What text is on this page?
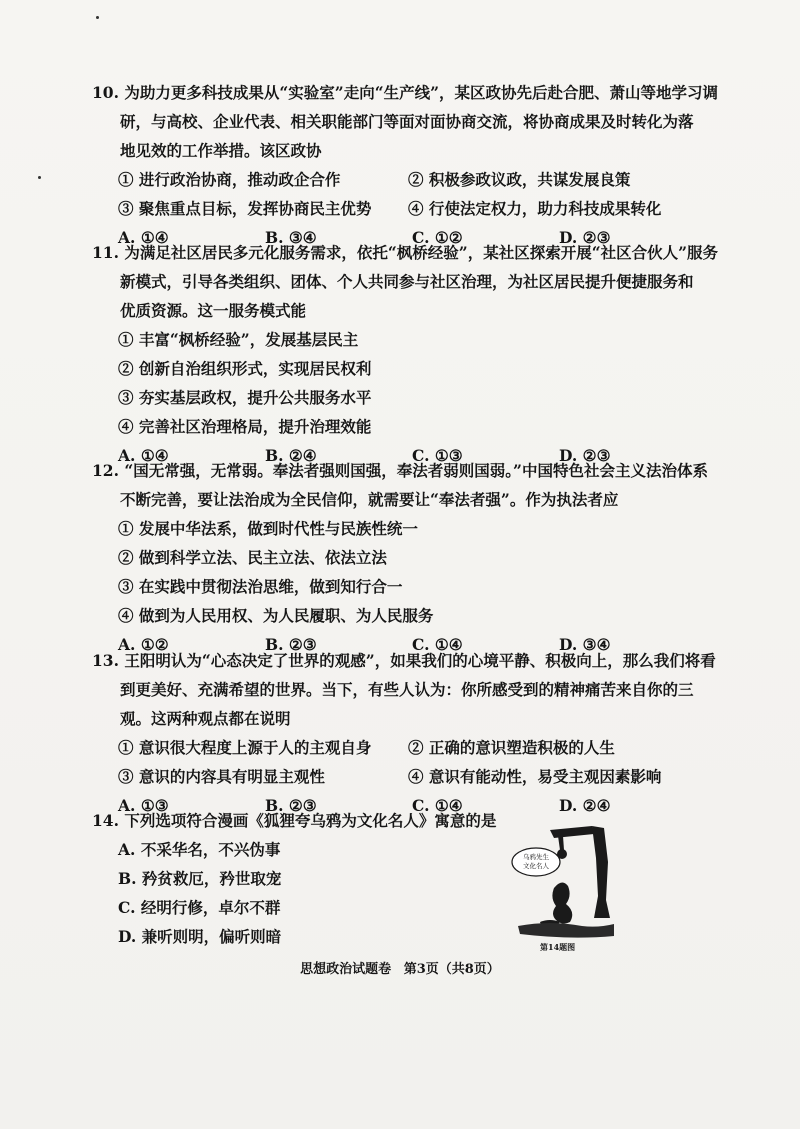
10. 为助力更多科技成果从“实验室”走向“生产线”，某区政协先后赴合肥、萧山等地学习调
研，与高校、企业代表、相关职能部门等面对面协商交流，将协商成果及时转化为落
地见效的工作举措。该区政协
① 进行政治协商，推动政企合作	② 积极参政议政，共谋发展良策
③ 聚焦重点目标，发挥协商民主优势	④ 行使法定权力，助力科技成果转化
A. ①④	B. ③④	C. ①②	D. ②③
11. 为满足社区居民多元化服务需求，依托“枫桥经验”，某社区探索开展“社区合伙人”服务
新模式，引导各类组织、团体、个人共同参与社区治理，为社区居民提升便捷服务和
优质资源。这一服务模式能
① 丰富“枫桥经验”，发展基层民主
② 创新自治组织形式，实现居民权利
③ 夯实基层政权，提升公共服务水平
④ 完善社区治理格局，提升治理效能
A. ①④	B. ②④	C. ①③	D. ②③
12. “国无常强，无常弱。奉法者强则国强，奉法者弱则国弱。”中国特色社会主义法治体系
不断完善，要让法治成为全民信仰，就需要让“奉法者强”。作为执法者应
① 发展中华法系，做到时代性与民族性统一
② 做到科学立法、民主立法、依法立法
③ 在实践中贯彻法治思维，做到知行合一
④ 做到为人民用权、为人民履职、为人民服务
A. ①②	B. ②③	C. ①④	D. ③④
13. 王阳明认为“心态决定了世界的观感”，如果我们的心境平静、积极向上，那么我们将看
到更美好、充满希望的世界。当下，有些人认为：你所感受到的精神痛苦来自你的三
观。这两种观点都在说明
① 意识很大程度上源于人的主观自身	② 正确的意识塑造积极的人生
③ 意识的内容具有明显主观性	④ 意识有能动性，易受主观因素影响
A. ①③	B. ②③	C. ①④	D. ②④
14. 下列选项符合漫画《狐狸夸乌鸦为文化名人》寓意的是
A. 不采华名，不兴伪事
B. 矜贫救厄，矜世取宠
C. 经明行修，卓尔不群
D. 兼听则明，偏听则暗
乌鸦先生
文化名人
第14题图
思想政治试题卷 第3页（共8页）
